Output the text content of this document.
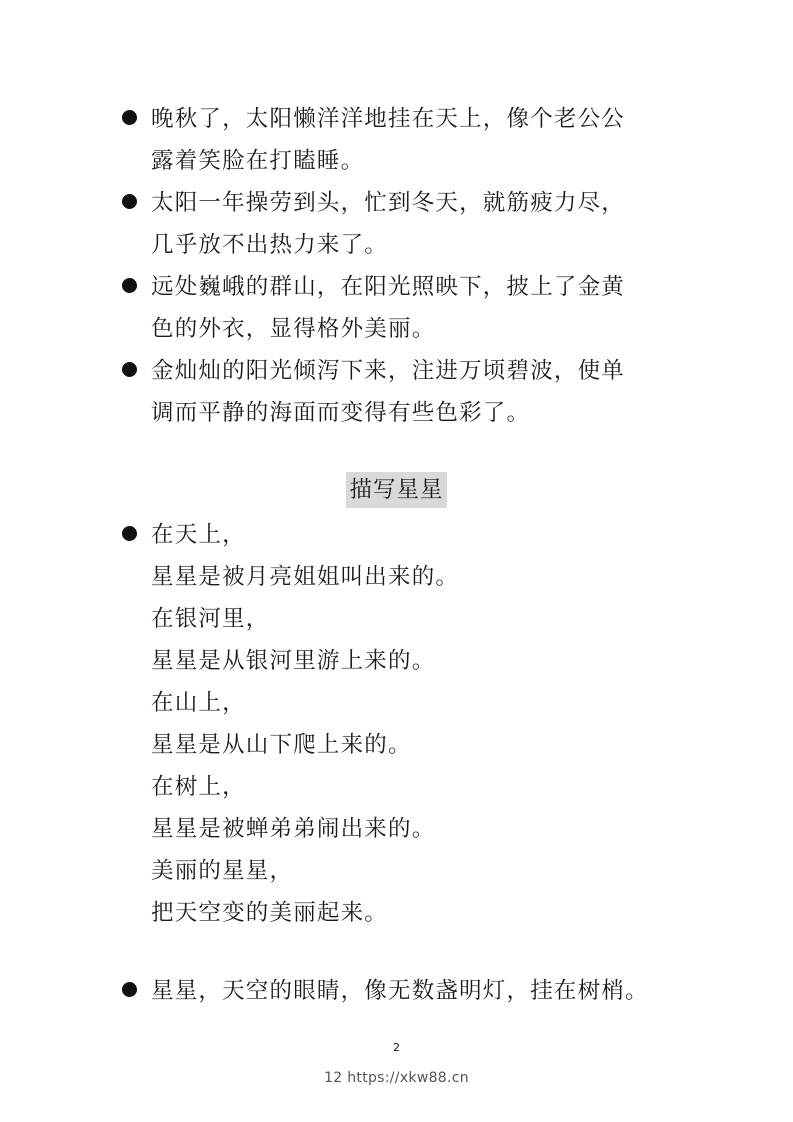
晚秋了，太阳懒洋洋地挂在天上，像个老公公
露着笑脸在打瞌睡。
太阳一年操劳到头，忙到冬天，就筋疲力尽，
几乎放不出热力来了。
远处巍峨的群山，在阳光照映下，披上了金黄
色的外衣，显得格外美丽。
金灿灿的阳光倾泻下来，注进万顷碧波，使单
调而平静的海面而变得有些色彩了。
描写星星
在天上，
星星是被月亮姐姐叫出来的。
在银河里，
星星是从银河里游上来的。
在山上，
星星是从山下爬上来的。
在树上，
星星是被蝉弟弟闹出来的。
美丽的星星，
把天空变的美丽起来。
星星，天空的眼睛，像无数盏明灯，挂在树梢。
2
12 https://xkw88.cn
